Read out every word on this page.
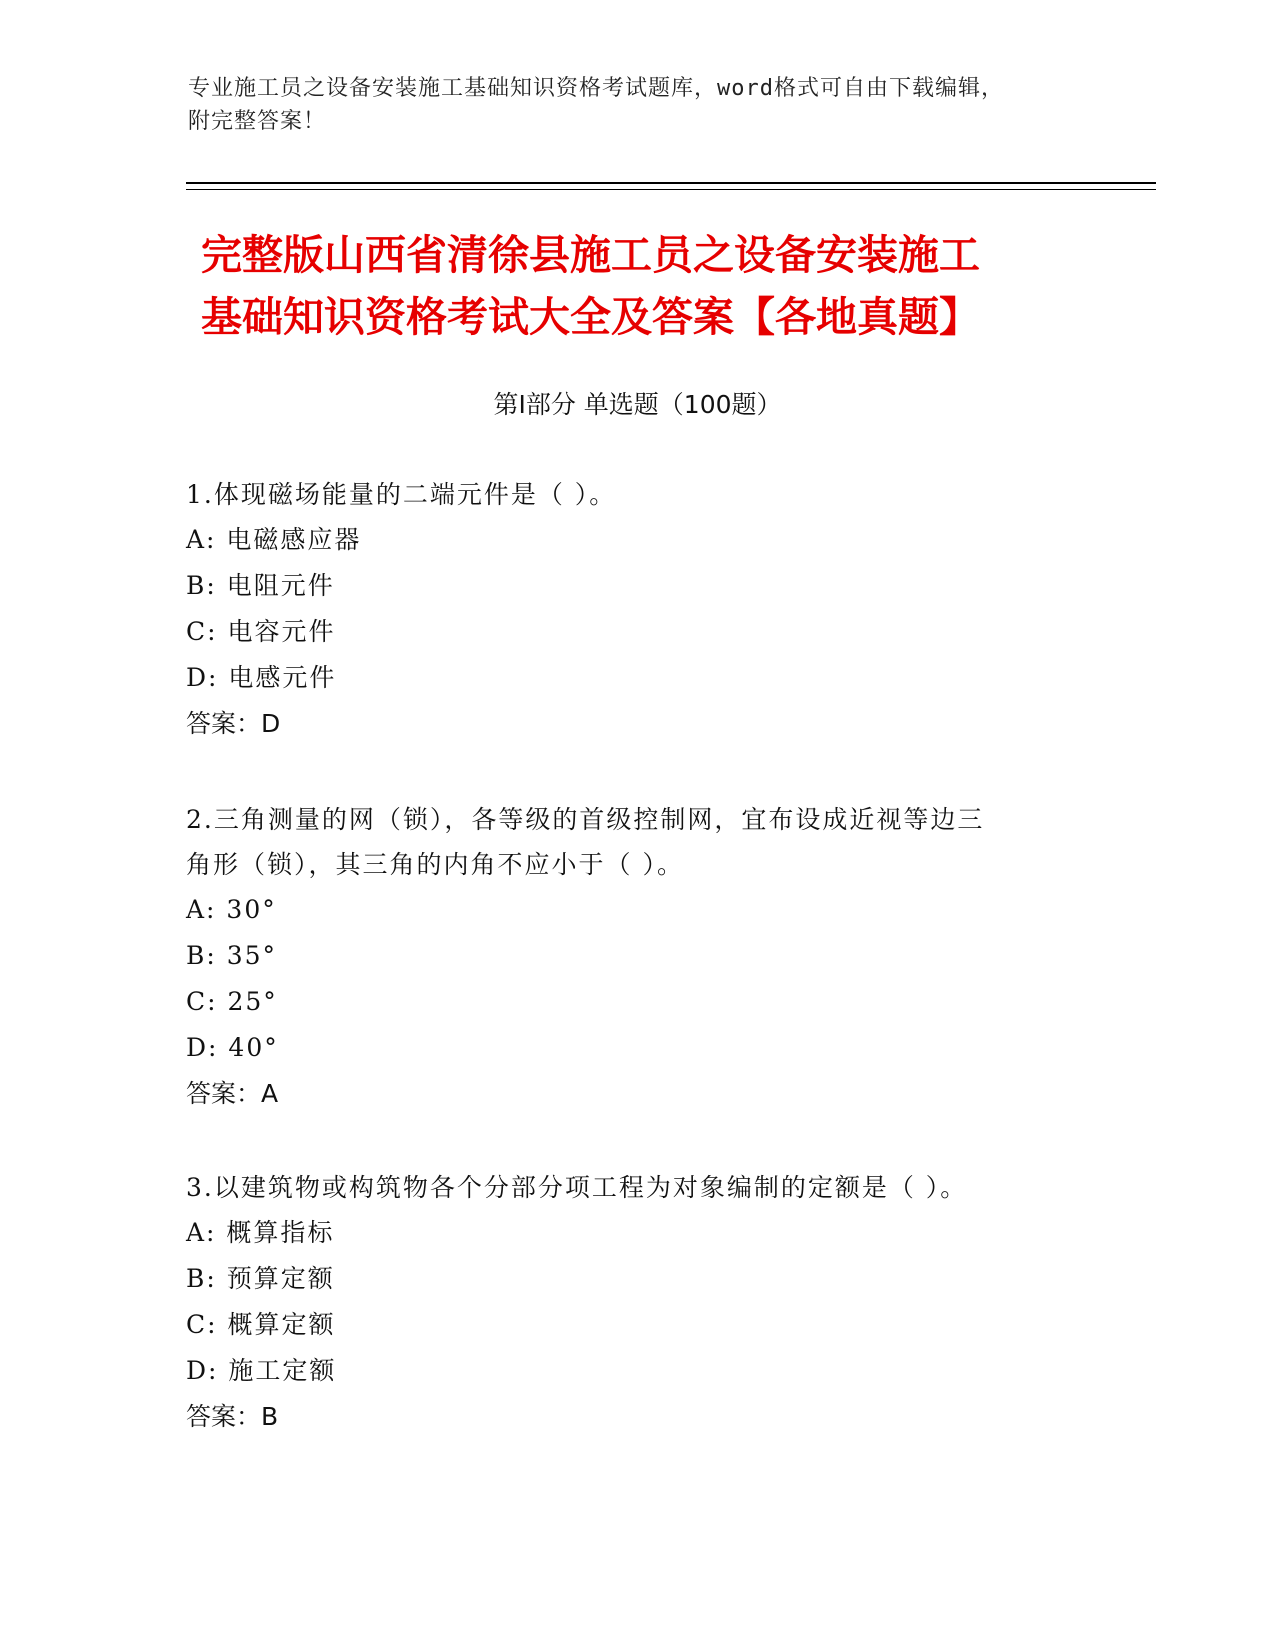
专业施工员之设备安装施工基础知识资格考试题库，word格式可自由下载编辑，
附完整答案！
完整版山西省清徐县施工员之设备安装施工
基础知识资格考试大全及答案【各地真题】
第Ⅰ部分 单选题（100题）
1.体现磁场能量的二端元件是（ ）。
A: 电磁感应器
B: 电阻元件
C: 电容元件
D: 电感元件
答案：D
2.三角测量的网（锁），各等级的首级控制网，宜布设成近视等边三
角形（锁），其三角的内角不应小于（ ）。
A: 30°
B: 35°
C: 25°
D: 40°
答案：A
3.以建筑物或构筑物各个分部分项工程为对象编制的定额是（ ）。
A: 概算指标
B: 预算定额
C: 概算定额
D: 施工定额
答案：B
